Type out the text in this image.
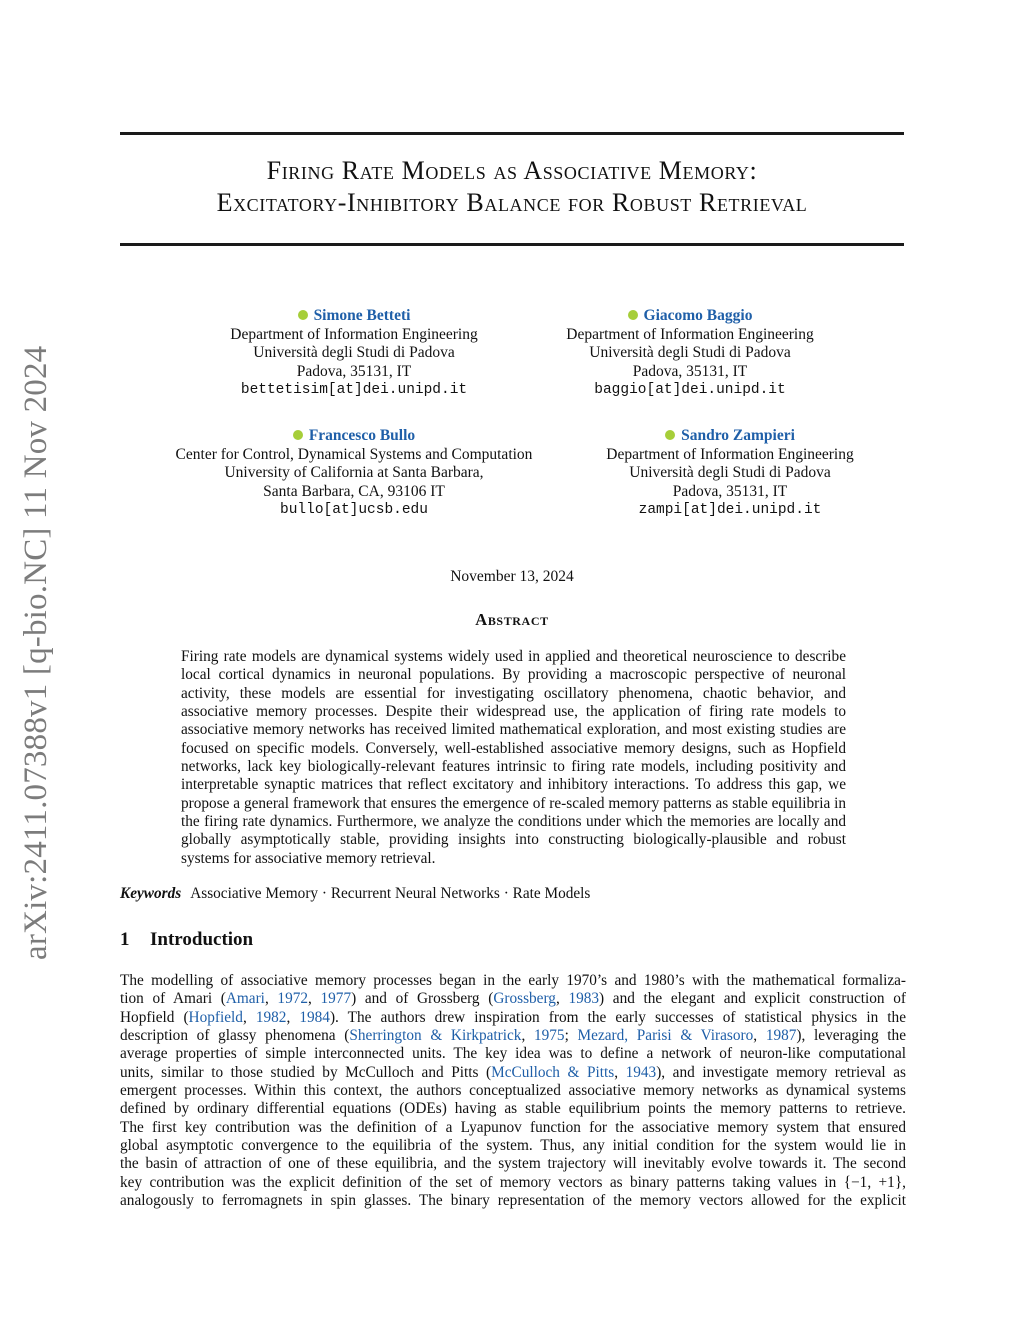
arXiv:2411.07388v1 [q-bio.NC] 11 Nov 2024
Firing Rate Models as Associative Memory:
Excitatory-Inhibitory Balance for Robust Retrieval
Simone Betteti
Department of Information Engineering
Università degli Studi di Padova
Padova, 35131, IT
bettetisim[at]dei.unipd.it
Giacomo Baggio
Department of Information Engineering
Università degli Studi di Padova
Padova, 35131, IT
baggio[at]dei.unipd.it
Francesco Bullo
Center for Control, Dynamical Systems and Computation
University of California at Santa Barbara,
Santa Barbara, CA, 93106 IT
bullo[at]ucsb.edu
Sandro Zampieri
Department of Information Engineering
Università degli Studi di Padova
Padova, 35131, IT
zampi[at]dei.unipd.it
November 13, 2024
Abstract
Firing rate models are dynamical systems widely used in applied and theoretical neuroscience to describe local cortical dynamics in neuronal populations. By providing a macroscopic perspective of neuronal activity, these models are essential for investigating oscillatory phenomena, chaotic behavior, and associative memory processes. Despite their widespread use, the application of firing rate models to associative memory networks has received limited mathematical exploration, and most existing studies are focused on specific models. Conversely, well-established associative memory designs, such as Hopfield networks, lack key biologically-relevant features intrinsic to firing rate models, including positivity and interpretable synaptic matrices that reflect excitatory and inhibitory interactions. To address this gap, we propose a general framework that ensures the emergence of re-scaled memory patterns as stable equilibria in the firing rate dynamics. Furthermore, we analyze the conditions under which the memories are locally and globally asymptotically stable, providing insights into constructing biologically-plausible and robust systems for associative memory retrieval.
Keywords Associative Memory · Recurrent Neural Networks · Rate Models
1 Introduction
The modelling of associative memory processes began in the early 1970’s and 1980’s with the mathematical formaliza-
tion of Amari (Amari, 1972, 1977) and of Grossberg (Grossberg, 1983) and the elegant and explicit construction of
Hopfield (Hopfield, 1982, 1984). The authors drew inspiration from the early successes of statistical physics in the
description of glassy phenomena (Sherrington & Kirkpatrick, 1975; Mezard, Parisi & Virasoro, 1987), leveraging the
average properties of simple interconnected units. The key idea was to define a network of neuron-like computational
units, similar to those studied by McCulloch and Pitts (McCulloch & Pitts, 1943), and investigate memory retrieval as
emergent processes. Within this context, the authors conceptualized associative memory networks as dynamical systems
defined by ordinary differential equations (ODEs) having as stable equilibrium points the memory patterns to retrieve.
The first key contribution was the definition of a Lyapunov function for the associative memory system that ensured
global asymptotic convergence to the equilibria of the system. Thus, any initial condition for the system would lie in
the basin of attraction of one of these equilibria, and the system trajectory will inevitably evolve towards it. The second
key contribution was the explicit definition of the set of memory vectors as binary patterns taking values in {−1, +1},
analogously to ferromagnets in spin glasses. The binary representation of the memory vectors allowed for the explicit
